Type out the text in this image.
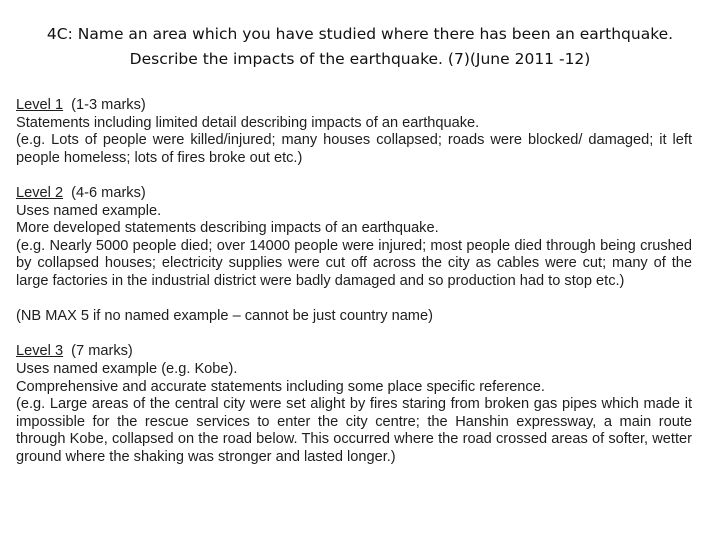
4C: Name an area which you have studied where there has been an earthquake.
Describe the impacts of the earthquake. (7)(June 2011 -12)

Level 1 (1-3 marks)

Statements including limited detail describing impacts of an earthquake.

(e.g. Lots of people were killed/injured; many houses collapsed; roads were blocked/ damaged; it left people homeless; lots of fires broke out etc.)

Level 2 (4-6 marks)

Uses named example.

More developed statements describing impacts of an earthquake.

(e.g. Nearly 5000 people died; over 14000 people were injured; most people died through being crushed by collapsed houses; electricity supplies were cut off across the city as cables were cut; many of the large factories in the industrial district were badly damaged and so production had to stop etc.)

(NB MAX 5 if no named example – cannot be just country name)

Level 3 (7 marks)

Uses named example (e.g. Kobe).

Comprehensive and accurate statements including some place specific reference.

(e.g. Large areas of the central city were set alight by fires staring from broken gas pipes which made it impossible for the rescue services to enter the city centre; the Hanshin expressway, a main route through Kobe, collapsed on the road below. This occurred where the road crossed areas of softer, wetter ground where the shaking was stronger and lasted longer.)
